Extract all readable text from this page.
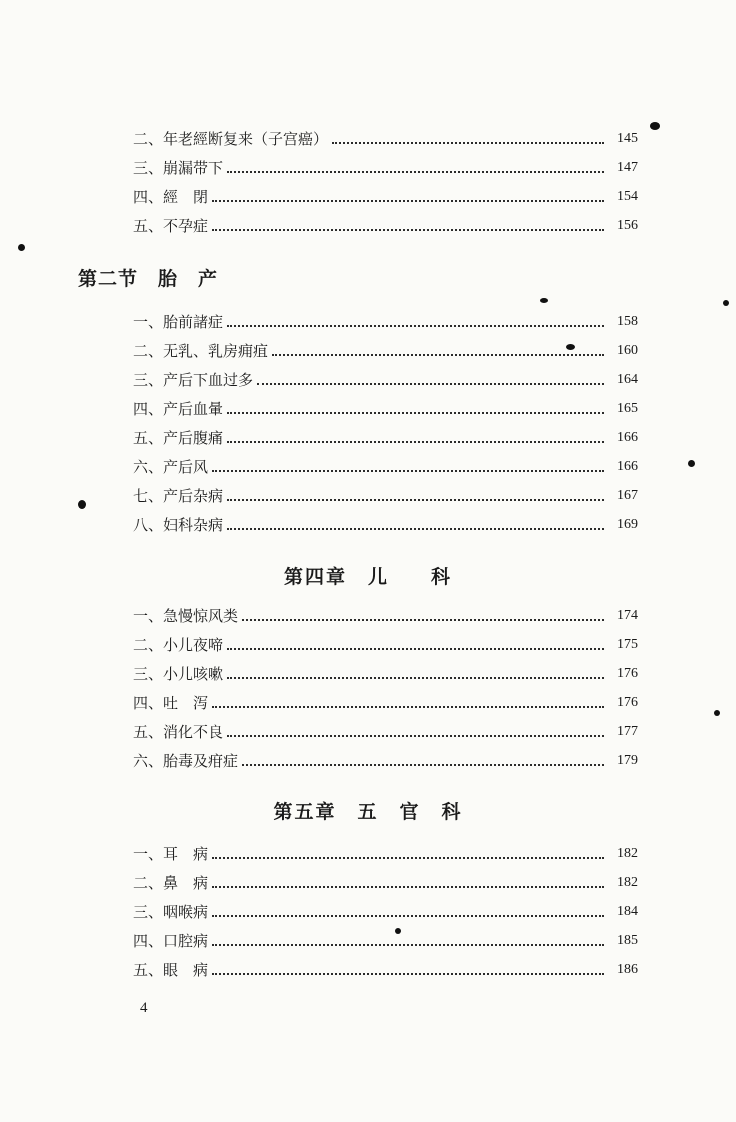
二、年老經断复来（子宫癌）	145
三、崩漏带下	147
四、經　閉	154
五、不孕症	156
第二节　胎　产
一、胎前諸症	158
二、无乳、乳房痈疽	160
三、产后下血过多	164
四、产后血暈	165
五、产后腹痛	166
六、产后风	166
七、产后杂病	167
八、妇科杂病	169
第四章　儿　　科
一、急慢惊风类	174
二、小儿夜啼	175
三、小儿咳嗽	176
四、吐　泻	176
五、消化不良	177
六、胎毒及疳症	179
第五章　五　官　科
一、耳　病	182
二、鼻　病	182
三、咽喉病	184
四、口腔病	185
五、眼　病	186
4
